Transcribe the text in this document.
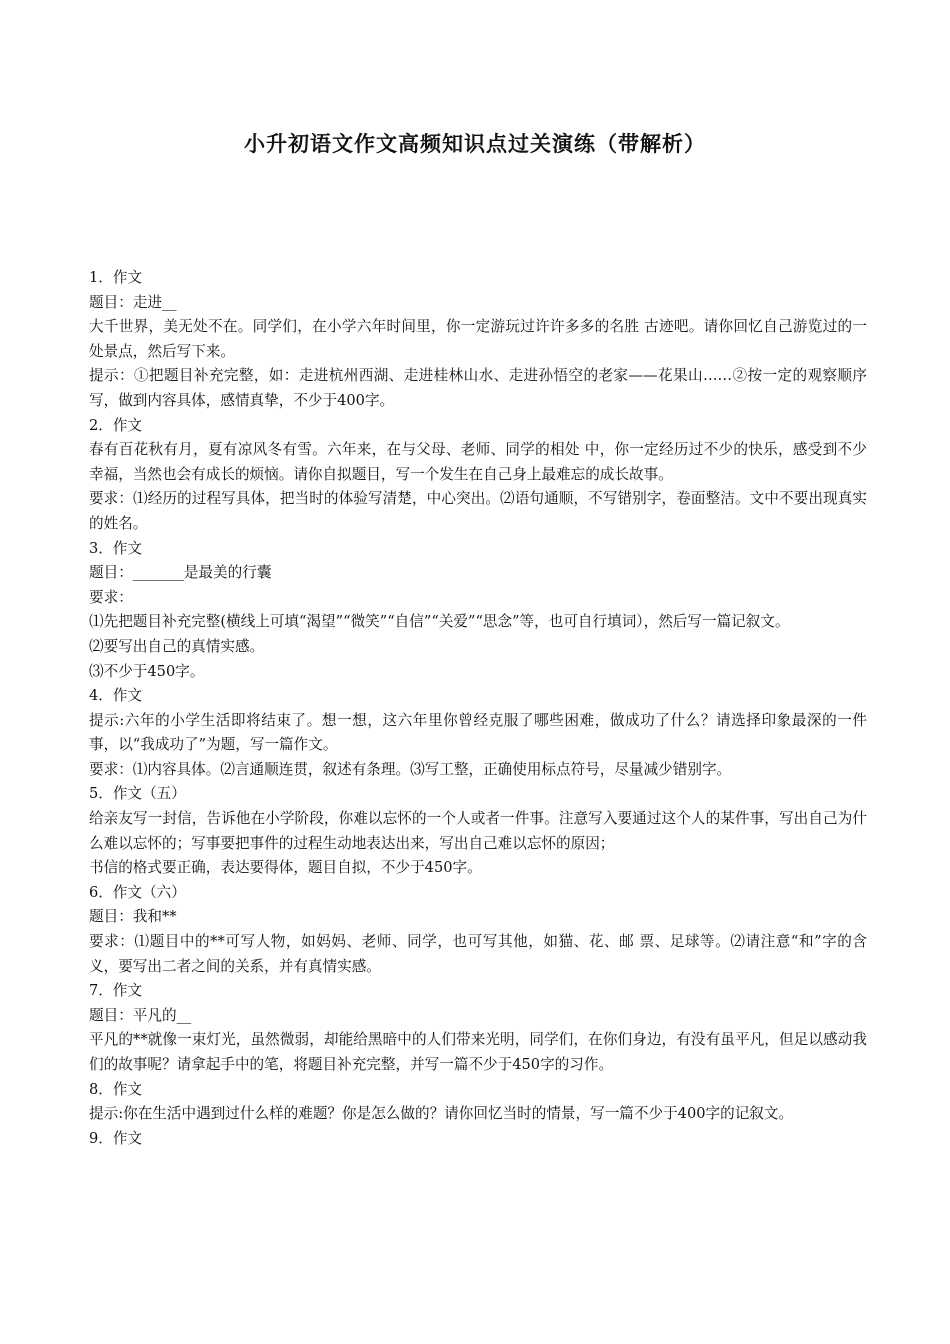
小升初语文作文高频知识点过关演练（带解析）

1．作文

题目：走进__

大千世界，美无处不在。同学们，在小学六年时间里，你一定游玩过许许多多的名胜 古迹吧。请你回忆自己游览过的一处景点，然后写下来。

提示：①把题目补充完整，如：走进杭州西湖、走进桂林山水、走进孙悟空的老家——花果山……②按一定的观察顺序写，做到内容具体，感情真挚，不少于400字。

2．作文

春有百花秋有月，夏有凉风冬有雪。六年来，在与父母、老师、同学的相处 中，你一定经历过不少的快乐，感受到不少幸福，当然也会有成长的烦恼。请你自拟题目，写一个发生在自己身上最难忘的成长故事。

要求：⑴经历的过程写具体，把当时的体验写清楚，中心突出。⑵语句通顺，不写错别字，卷面整洁。文中不要出现真实的姓名。

3．作文

题目：_______是最美的行囊

要求：

⑴先把题目补充完整(横线上可填“渴望”“微笑”“自信”“关爱”“思念”等，也可自行填词），然后写一篇记叙文。

⑵要写出自己的真情实感。

⑶不少于450字。

4．作文

提示:六年的小学生活即将结束了。想一想，这六年里你曾经克服了哪些困难，做成功了什么？请选择印象最深的一件事，以“我成功了”为题，写一篇作文。

要求：⑴内容具体。⑵言通顺连贯，叙述有条理。⑶写工整，正确使用标点符号，尽量减少错别字。

5．作文（五）

给亲友写一封信，告诉他在小学阶段，你难以忘怀的一个人或者一件事。注意写入要通过这个人的某件事，写出自己为什么难以忘怀的；写事要把事件的过程生动地表达出来，写出自己难以忘怀的原因；

书信的格式要正确，表达要得体，题目自拟，不少于450字。

6．作文（六）

题目：我和**

要求：⑴题目中的**可写人物，如妈妈、老师、同学，也可写其他，如猫、花、邮 票、足球等。⑵请注意“和”字的含义，要写出二者之间的关系，并有真情实感。

7．作文

题目：平凡的__

平凡的**就像一束灯光，虽然微弱，却能给黑暗中的人们带来光明，同学们，在你们身边，有没有虽平凡，但足以感动我们的故事呢？请拿起手中的笔，将题目补充完整，并写一篇不少于450字的习作。

8．作文

提示:你在生活中遇到过什么样的难题？你是怎么做的？请你回忆当时的情景，写一篇不少于400字的记叙文。

9．作文
